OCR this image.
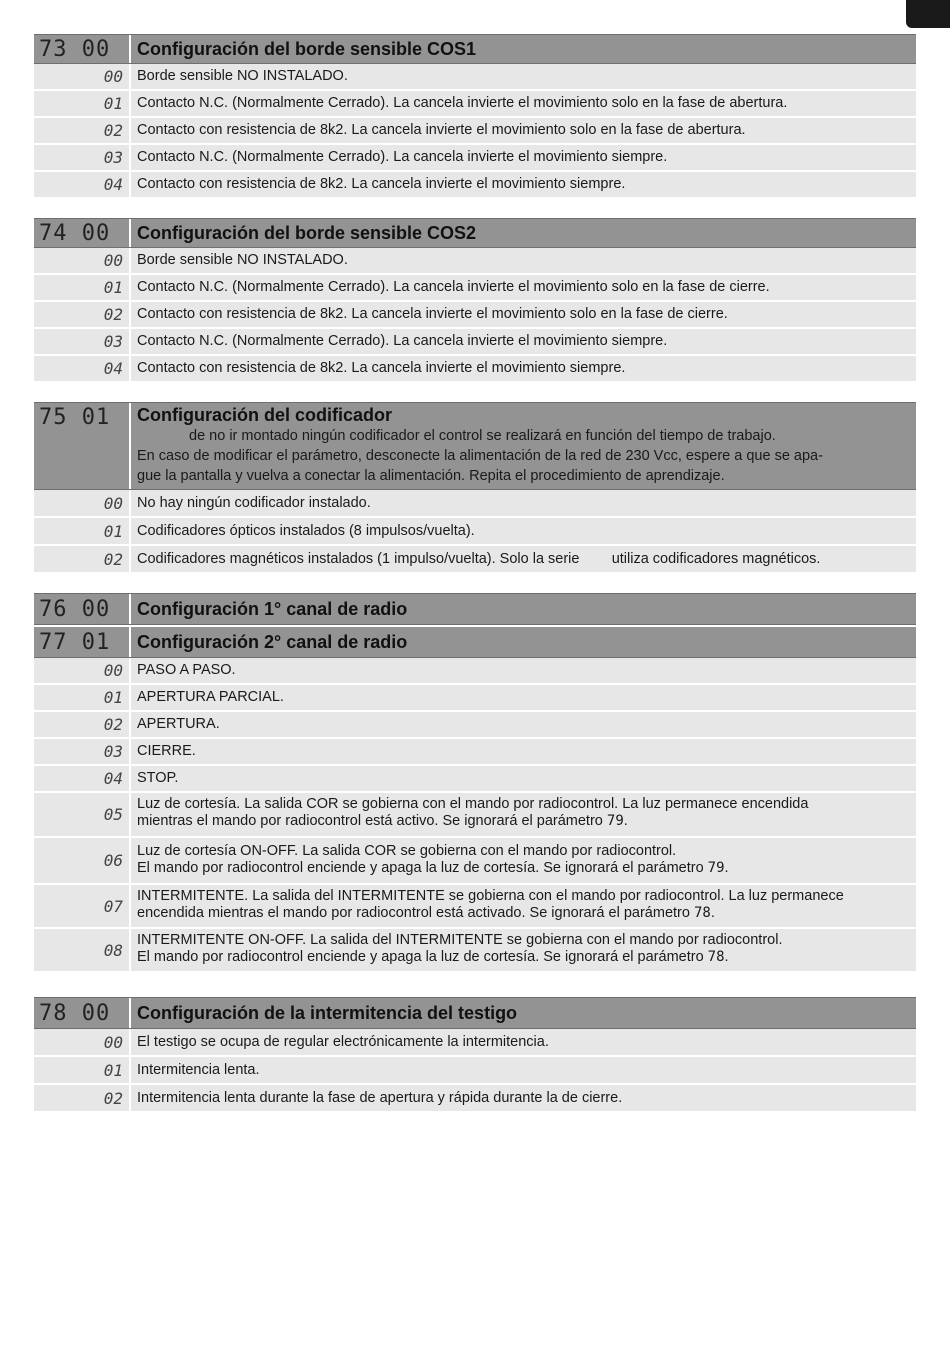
73 00	Configuración del borde sensible COS1
00 Borde sensible NO INSTALADO.
01 Contacto N.C. (Normalmente Cerrado). La cancela invierte el movimiento solo en la fase de abertura.
02 Contacto con resistencia de 8k2. La cancela invierte el movimiento solo en la fase de abertura.
03 Contacto N.C. (Normalmente Cerrado). La cancela invierte el movimiento siempre.
04 Contacto con resistencia de 8k2. La cancela invierte el movimiento siempre.
74 00	Configuración del borde sensible COS2
00 Borde sensible NO INSTALADO.
01 Contacto N.C. (Normalmente Cerrado). La cancela invierte el movimiento solo en la fase de cierre.
02 Contacto con resistencia de 8k2. La cancela invierte el movimiento solo en la fase de cierre.
03 Contacto N.C. (Normalmente Cerrado). La cancela invierte el movimiento siempre.
04 Contacto con resistencia de 8k2. La cancela invierte el movimiento siempre.
75 01	Configuración del codificador
de no ir montado ningún codificador el control se realizará en función del tiempo de trabajo.
En caso de modificar el parámetro, desconecte la alimentación de la red de 230 Vcc, espere a que se apa-
gue la pantalla y vuelva a conectar la alimentación. Repita el procedimiento de aprendizaje.
00 No hay ningún codificador instalado.
01 Codificadores ópticos instalados (8 impulsos/vuelta).
02 Codificadores magnéticos instalados (1 impulso/vuelta). Solo la serie        utiliza codificadores magnéticos.
76 00	Configuración 1° canal de radio
77 01	Configuración 2° canal de radio
00 PASO A PASO.
01 APERTURA PARCIAL.
02 APERTURA.
03 CIERRE.
04 STOP.
05
Luz de cortesía. La salida COR se gobierna con el mando por radiocontrol. La luz permanece encendida
mientras el mando por radiocontrol está activo. Se ignorará el parámetro 79.
06 Luz de cortesía ON-OFF. La salida COR se gobierna con el mando por radiocontrol.
El mando por radiocontrol enciende y apaga la luz de cortesía. Se ignorará el parámetro 79.
07
INTERMITENTE. La salida del INTERMITENTE se gobierna con el mando por radiocontrol. La luz permanece
encendida mientras el mando por radiocontrol está activado. Se ignorará el parámetro 78.
08
INTERMITENTE ON-OFF. La salida del INTERMITENTE se gobierna con el mando por radiocontrol.
El mando por radiocontrol enciende y apaga la luz de cortesía. Se ignorará el parámetro 78.
78 00	Configuración de la intermitencia del testigo
00 El testigo se ocupa de regular electrónicamente la intermitencia.
01 Intermitencia lenta.
02 Intermitencia lenta durante la fase de apertura y rápida durante la de cierre.
